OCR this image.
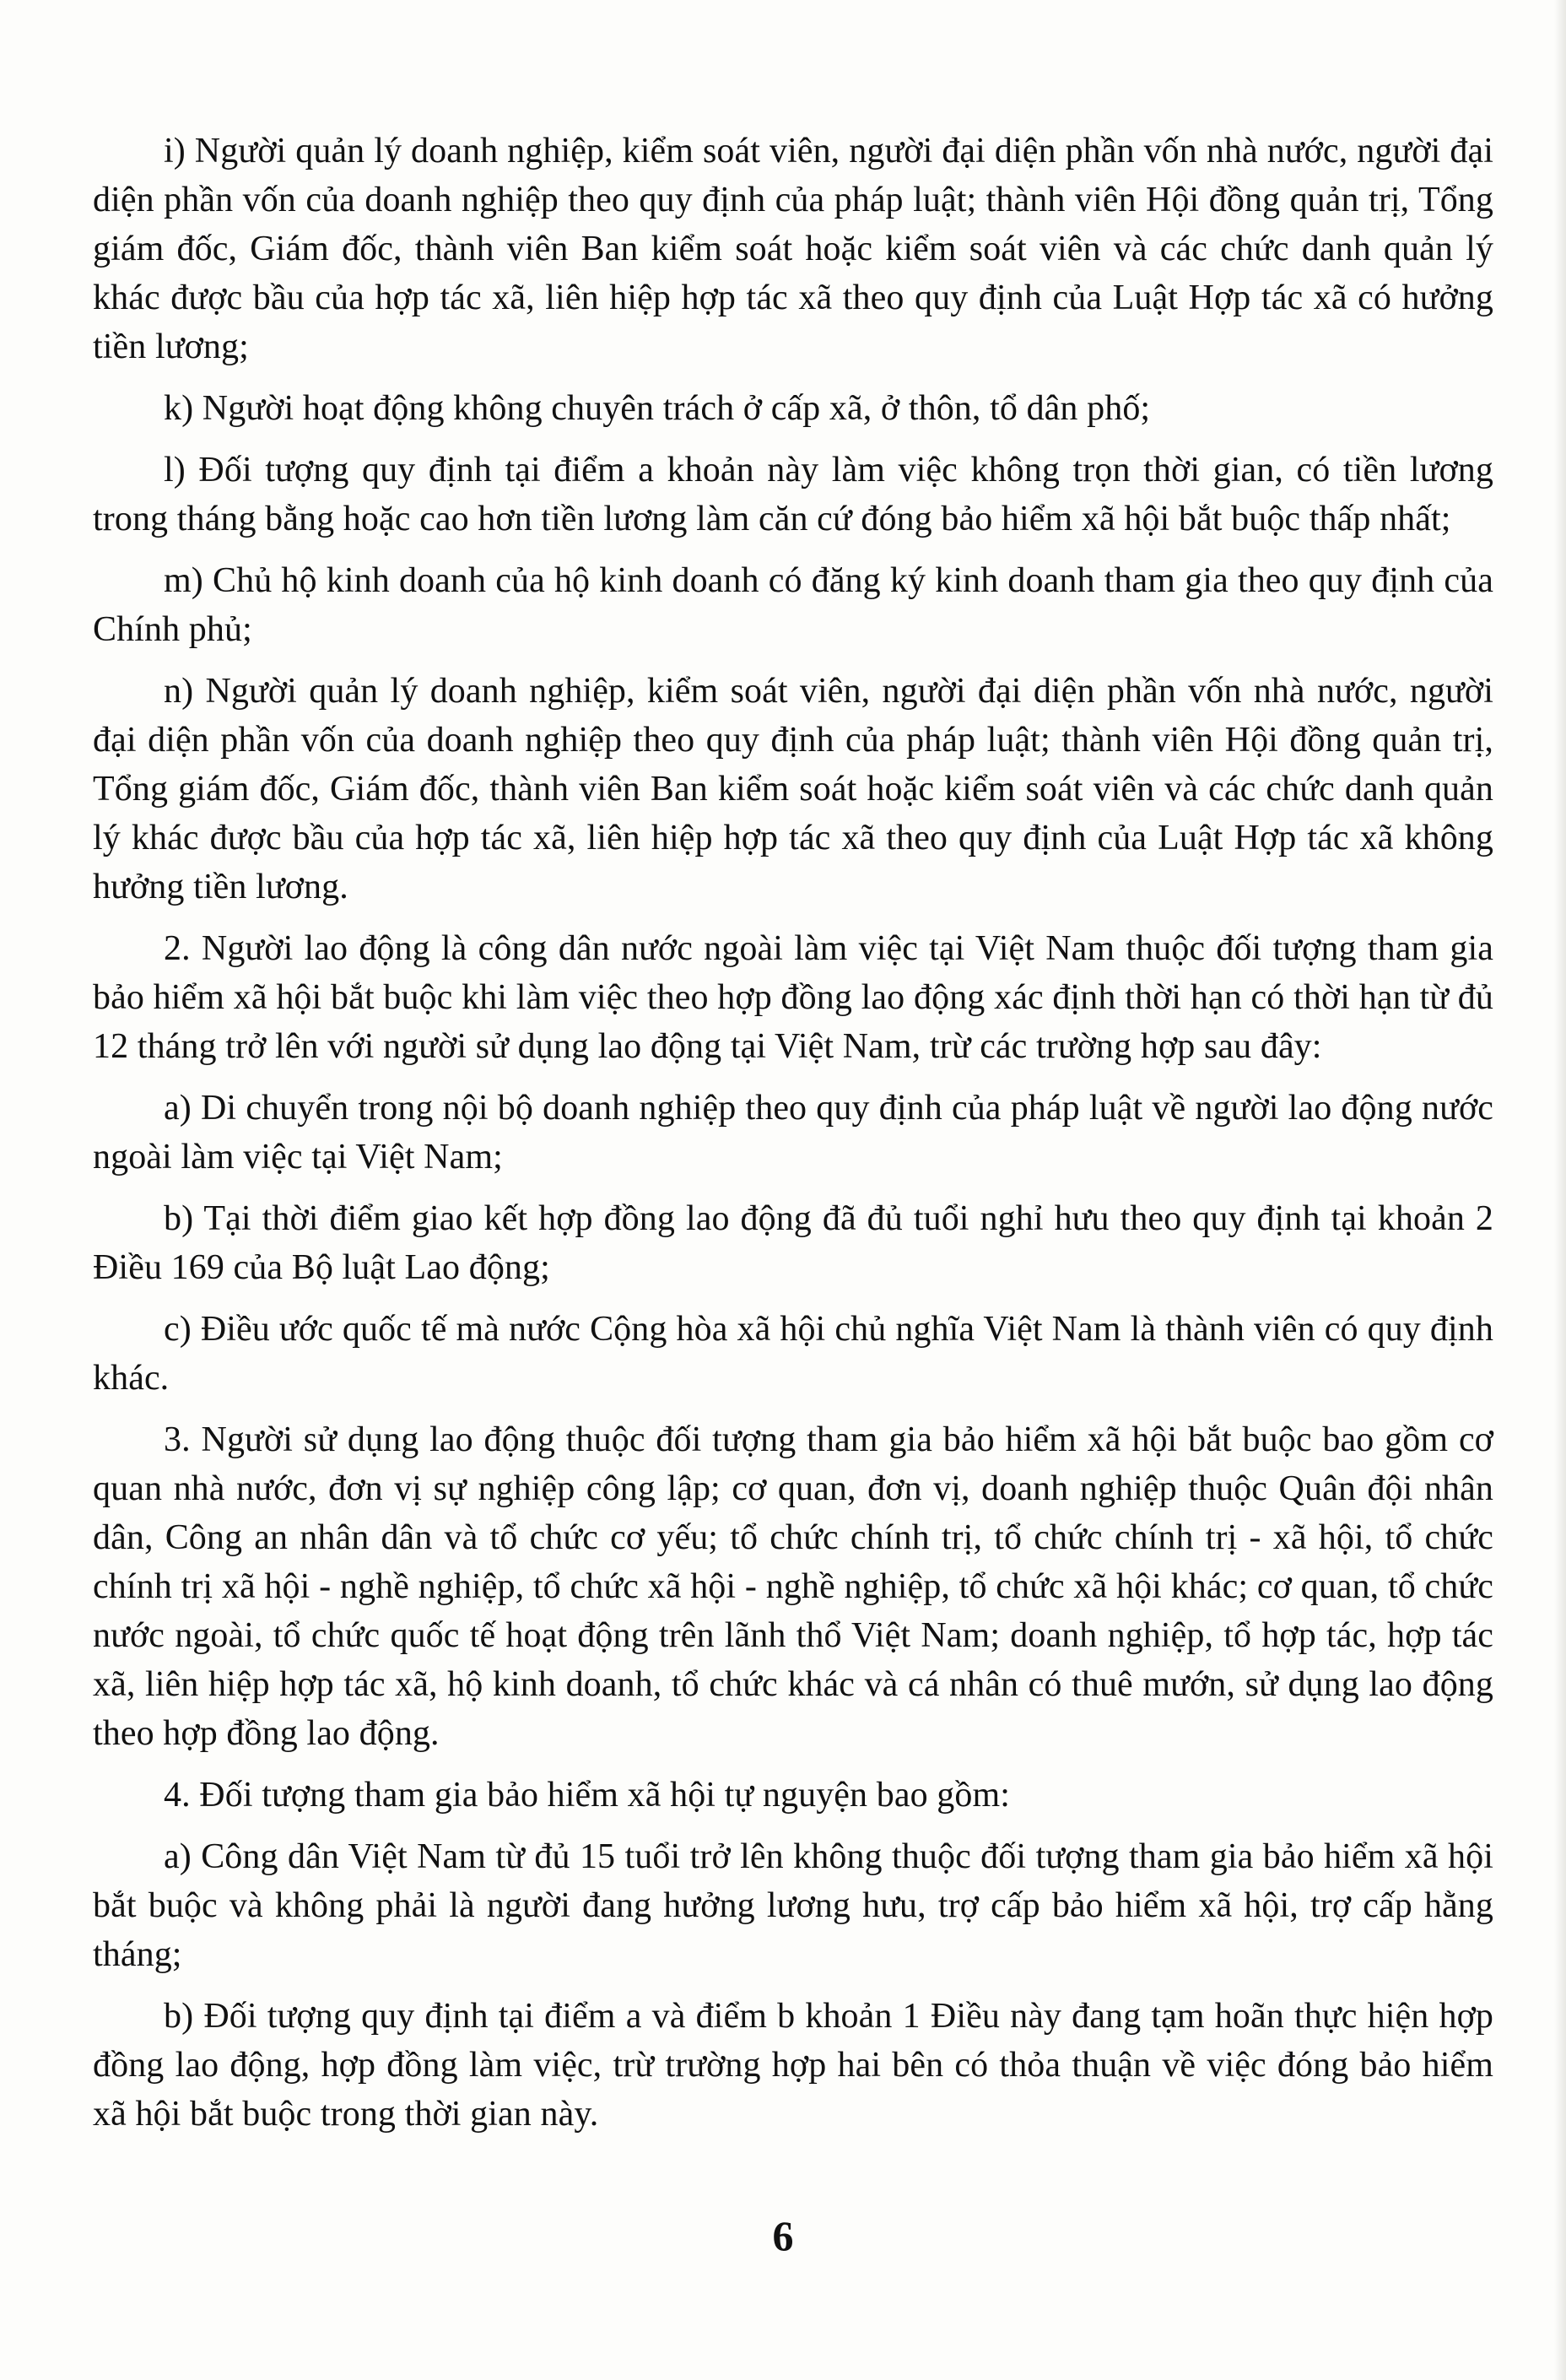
i) Người quản lý doanh nghiệp, kiểm soát viên, người đại diện phần vốn nhà nước, người đại diện phần vốn của doanh nghiệp theo quy định của pháp luật; thành viên Hội đồng quản trị, Tổng giám đốc, Giám đốc, thành viên Ban kiểm soát hoặc kiểm soát viên và các chức danh quản lý khác được bầu của hợp tác xã, liên hiệp hợp tác xã theo quy định của Luật Hợp tác xã có hưởng tiền lương;

k) Người hoạt động không chuyên trách ở cấp xã, ở thôn, tổ dân phố;

l) Đối tượng quy định tại điểm a khoản này làm việc không trọn thời gian, có tiền lương trong tháng bằng hoặc cao hơn tiền lương làm căn cứ đóng bảo hiểm xã hội bắt buộc thấp nhất;

m) Chủ hộ kinh doanh của hộ kinh doanh có đăng ký kinh doanh tham gia theo quy định của Chính phủ;

n) Người quản lý doanh nghiệp, kiểm soát viên, người đại diện phần vốn nhà nước, người đại diện phần vốn của doanh nghiệp theo quy định của pháp luật; thành viên Hội đồng quản trị, Tổng giám đốc, Giám đốc, thành viên Ban kiểm soát hoặc kiểm soát viên và các chức danh quản lý khác được bầu của hợp tác xã, liên hiệp hợp tác xã theo quy định của Luật Hợp tác xã không hưởng tiền lương.

2. Người lao động là công dân nước ngoài làm việc tại Việt Nam thuộc đối tượng tham gia bảo hiểm xã hội bắt buộc khi làm việc theo hợp đồng lao động xác định thời hạn có thời hạn từ đủ 12 tháng trở lên với người sử dụng lao động tại Việt Nam, trừ các trường hợp sau đây:

a) Di chuyển trong nội bộ doanh nghiệp theo quy định của pháp luật về người lao động nước ngoài làm việc tại Việt Nam;

b) Tại thời điểm giao kết hợp đồng lao động đã đủ tuổi nghỉ hưu theo quy định tại khoản 2 Điều 169 của Bộ luật Lao động;

c) Điều ước quốc tế mà nước Cộng hòa xã hội chủ nghĩa Việt Nam là thành viên có quy định khác.

3. Người sử dụng lao động thuộc đối tượng tham gia bảo hiểm xã hội bắt buộc bao gồm cơ quan nhà nước, đơn vị sự nghiệp công lập; cơ quan, đơn vị, doanh nghiệp thuộc Quân đội nhân dân, Công an nhân dân và tổ chức cơ yếu; tổ chức chính trị, tổ chức chính trị - xã hội, tổ chức chính trị xã hội - nghề nghiệp, tổ chức xã hội - nghề nghiệp, tổ chức xã hội khác; cơ quan, tổ chức nước ngoài, tổ chức quốc tế hoạt động trên lãnh thổ Việt Nam; doanh nghiệp, tổ hợp tác, hợp tác xã, liên hiệp hợp tác xã, hộ kinh doanh, tổ chức khác và cá nhân có thuê mướn, sử dụng lao động theo hợp đồng lao động.

4. Đối tượng tham gia bảo hiểm xã hội tự nguyện bao gồm:

a) Công dân Việt Nam từ đủ 15 tuổi trở lên không thuộc đối tượng tham gia bảo hiểm xã hội bắt buộc và không phải là người đang hưởng lương hưu, trợ cấp bảo hiểm xã hội, trợ cấp hằng tháng;

b) Đối tượng quy định tại điểm a và điểm b khoản 1 Điều này đang tạm hoãn thực hiện hợp đồng lao động, hợp đồng làm việc, trừ trường hợp hai bên có thỏa thuận về việc đóng bảo hiểm xã hội bắt buộc trong thời gian này.

6
